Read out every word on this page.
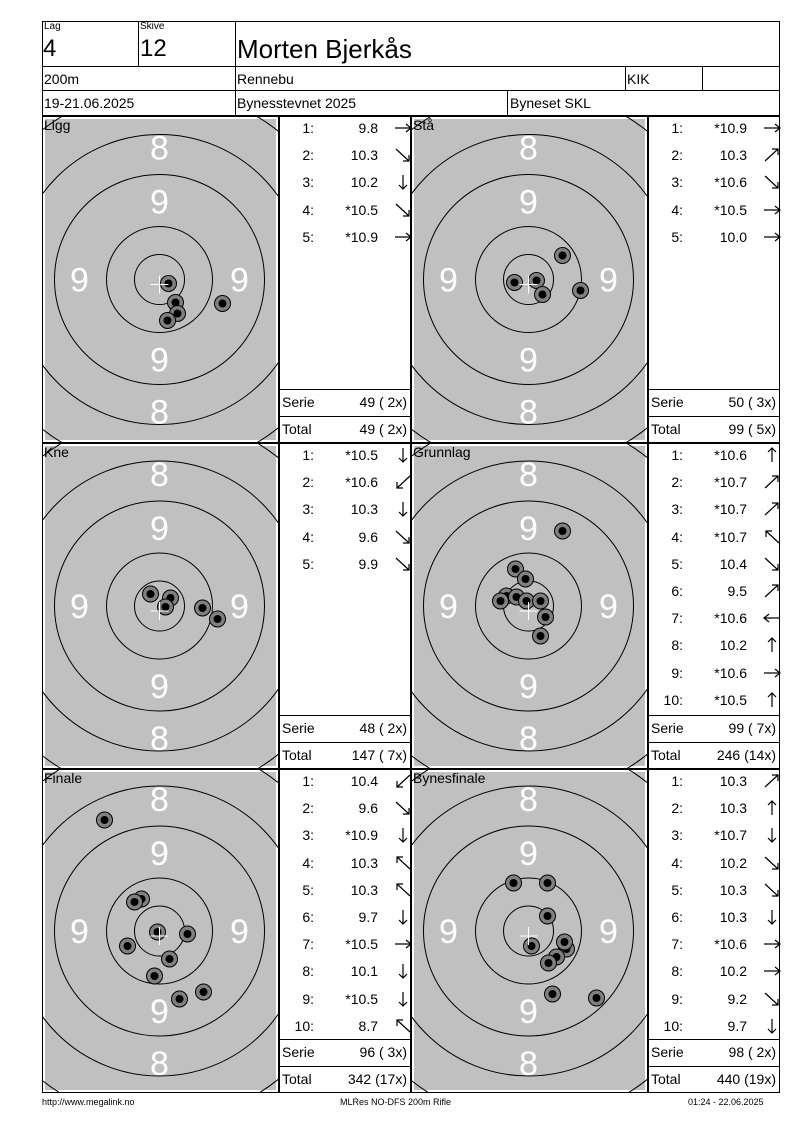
Lag
4
Skive
12	Morten Bjerkås
200m	Rennebu	KIK
19-21.06.2025	Bynesstevnet 2025	Byneset SKL
8
9
9	9
9
8
Ligg	1:	9.8
2:	10.3
3:	10.2
4:	*10.5
5:	*10.9
Serie	49 ( 2x)
Total	49 ( 2x)
8
9
9	9
9
8
Stå	1:	*10.9
2:	10.3
3:	*10.6
4:	*10.5
5:	10.0
Serie	50 ( 3x)
Total	99 ( 5x)
8
9
9	9
9
8
Kne	1:	*10.5
2:	*10.6
3:	10.3
4:	9.6
5:	9.9
Serie	48 ( 2x)
Total	147 ( 7x)
8
9
9	9
9
8
Grunnlag	1:	*10.6
2:	*10.7
3:	*10.7
4:	*10.7
5:	10.4
6:	9.5
7:	*10.6
8:	10.2
9:	*10.6
10:	*10.5
Serie	99 ( 7x)
Total	246 (14x)
8
9
9	9
9
8
Finale	1:	10.4
2:	9.6
3:	*10.9
4:	10.3
5:	10.3
6:	9.7
7:	*10.5
8:	10.1
9:	*10.5
10:	8.7
Serie	96 ( 3x)
Total	342 (17x)
8
9
9	9
9
8
Bynesfinale	1:	10.3
2:	10.3
3:	*10.7
4:	10.2
5:	10.3
6:	10.3
7:	*10.6
8:	10.2
9:	9.2
10:	9.7
Serie	98 ( 2x)
Total	440 (19x)
http://www.megalink.no	MLRes NO-DFS 200m Rifle	01:24 - 22.06.2025
